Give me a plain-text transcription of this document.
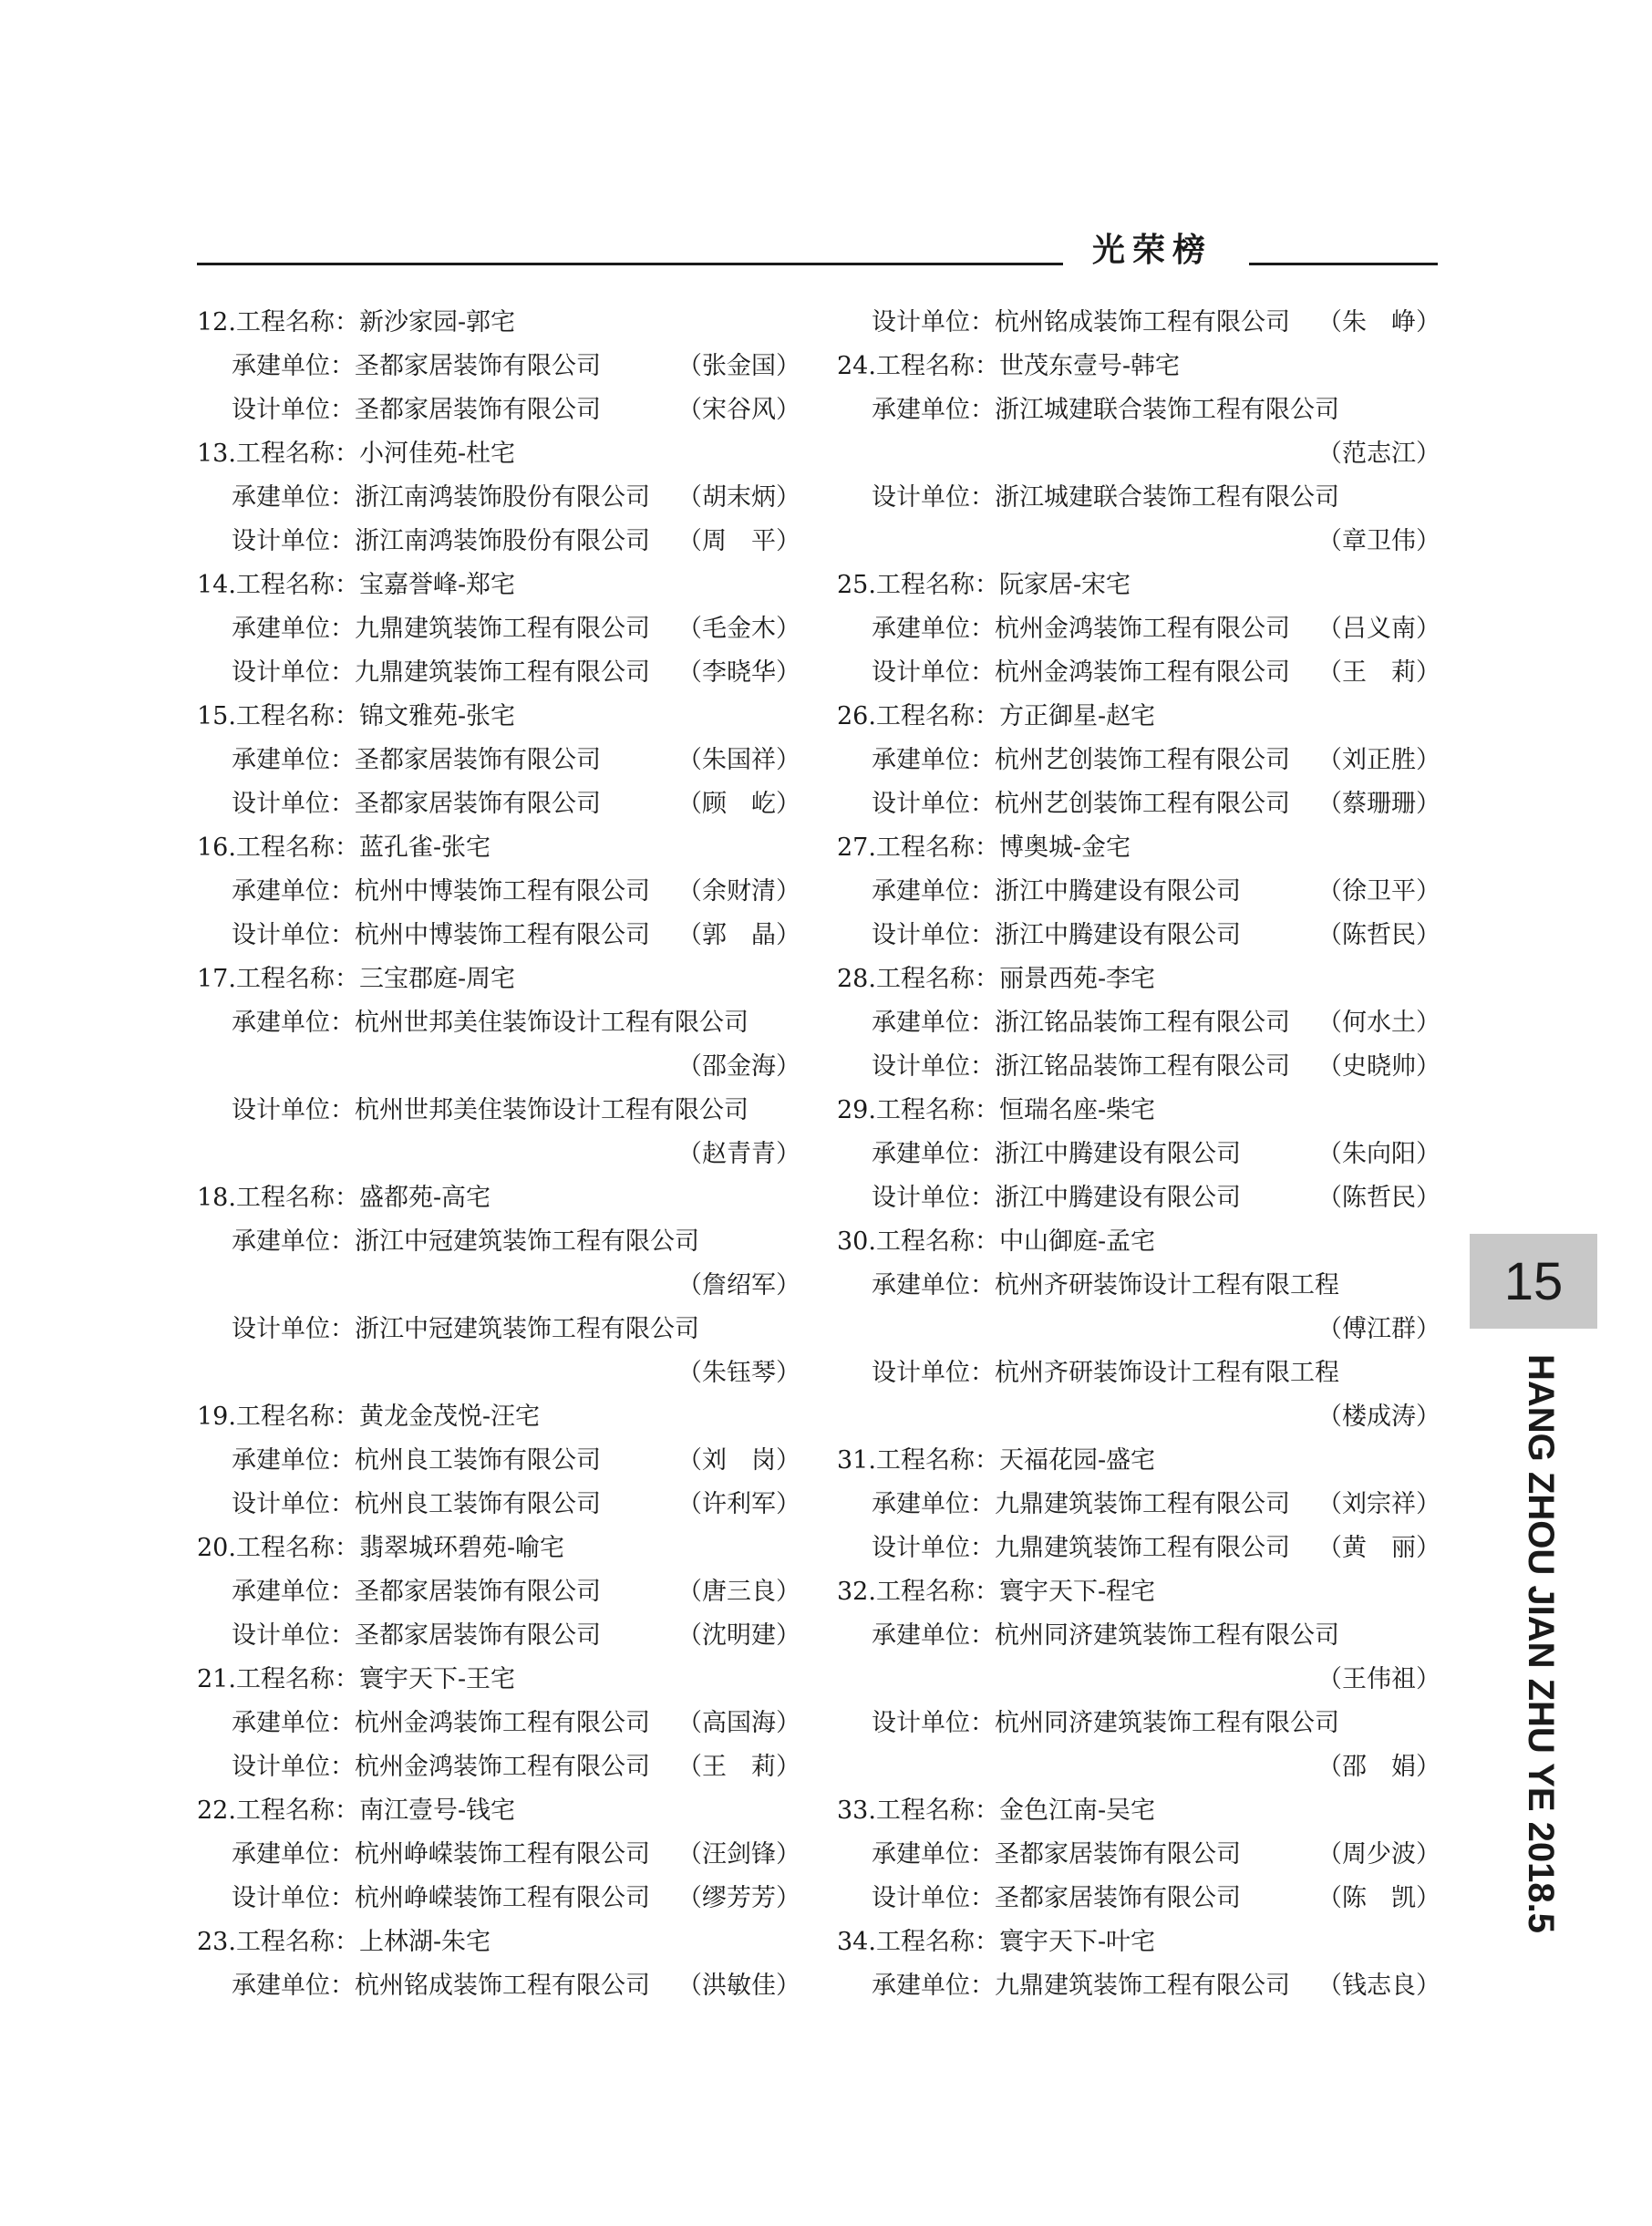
光荣榜
12.工程名称：新沙家园-郭宅
承建单位：圣都家居装饰有限公司	（张金国）
设计单位：圣都家居装饰有限公司	（宋谷风）
13.工程名称：小河佳苑-杜宅
承建单位：浙江南鸿装饰股份有限公司 （胡末炳）
设计单位：浙江南鸿装饰股份有限公司 （周　平）
14.工程名称：宝嘉誉峰-郑宅
承建单位：九鼎建筑装饰工程有限公司 （毛金木）
设计单位：九鼎建筑装饰工程有限公司 （李晓华）
15.工程名称：锦文雅苑-张宅
承建单位：圣都家居装饰有限公司	（朱国祥）
设计单位：圣都家居装饰有限公司	（顾　屹）
16.工程名称：蓝孔雀-张宅
承建单位：杭州中博装饰工程有限公司 （余财清）
设计单位：杭州中博装饰工程有限公司 （郭　晶）
17.工程名称：三宝郡庭-周宅
承建单位：杭州世邦美住装饰设计工程有限公司
（邵金海）
设计单位：杭州世邦美住装饰设计工程有限公司
（赵青青）
18.工程名称：盛都苑-高宅
承建单位：浙江中冠建筑装饰工程有限公司
（詹绍军）
设计单位：浙江中冠建筑装饰工程有限公司
（朱钰琴）
19.工程名称：黄龙金茂悦-汪宅
承建单位：杭州良工装饰有限公司	（刘　岗）
设计单位：杭州良工装饰有限公司	（许利军）
20.工程名称：翡翠城环碧苑-喻宅
承建单位：圣都家居装饰有限公司	（唐三良）
设计单位：圣都家居装饰有限公司	（沈明建）
21.工程名称：寰宇天下-王宅
承建单位：杭州金鸿装饰工程有限公司 （高国海）
设计单位：杭州金鸿装饰工程有限公司 （王　莉）
22.工程名称：南江壹号-钱宅
承建单位：杭州峥嵘装饰工程有限公司 （汪剑锋）
设计单位：杭州峥嵘装饰工程有限公司 （缪芳芳）
23.工程名称：上林湖-朱宅
承建单位：杭州铭成装饰工程有限公司 （洪敏佳）
设计单位：杭州铭成装饰工程有限公司 （朱　峥）
24.工程名称：世茂东壹号-韩宅
承建单位：浙江城建联合装饰工程有限公司
（范志江）
设计单位：浙江城建联合装饰工程有限公司
（章卫伟）
25.工程名称：阮家居-宋宅
承建单位：杭州金鸿装饰工程有限公司 （吕义南）
设计单位：杭州金鸿装饰工程有限公司 （王　莉）
26.工程名称：方正御星-赵宅
承建单位：杭州艺创装饰工程有限公司 （刘正胜）
设计单位：杭州艺创装饰工程有限公司 （蔡珊珊）
27.工程名称：博奥城-金宅
承建单位：浙江中腾建设有限公司	（徐卫平）
设计单位：浙江中腾建设有限公司	（陈哲民）
28.工程名称：丽景西苑-李宅
承建单位：浙江铭品装饰工程有限公司 （何水土）
设计单位：浙江铭品装饰工程有限公司 （史晓帅）
29.工程名称：恒瑞名座-柴宅
承建单位：浙江中腾建设有限公司	（朱向阳）
设计单位：浙江中腾建设有限公司	（陈哲民）
30.工程名称：中山御庭-孟宅
承建单位：杭州齐研装饰设计工程有限工程
（傅江群）
设计单位：杭州齐研装饰设计工程有限工程
（楼成涛）
31.工程名称：天福花园-盛宅
承建单位：九鼎建筑装饰工程有限公司 （刘宗祥）
设计单位：九鼎建筑装饰工程有限公司 （黄　丽）
32.工程名称：寰宇天下-程宅
承建单位：杭州同济建筑装饰工程有限公司
（王伟祖）
设计单位：杭州同济建筑装饰工程有限公司
（邵　娟）
33.工程名称：金色江南-吴宅
承建单位：圣都家居装饰有限公司	（周少波）
设计单位：圣都家居装饰有限公司	（陈　凯）
34.工程名称：寰宇天下-叶宅
承建单位：九鼎建筑装饰工程有限公司 （钱志良）
15
HANG ZHOU JIAN ZHU YE 2018.5
